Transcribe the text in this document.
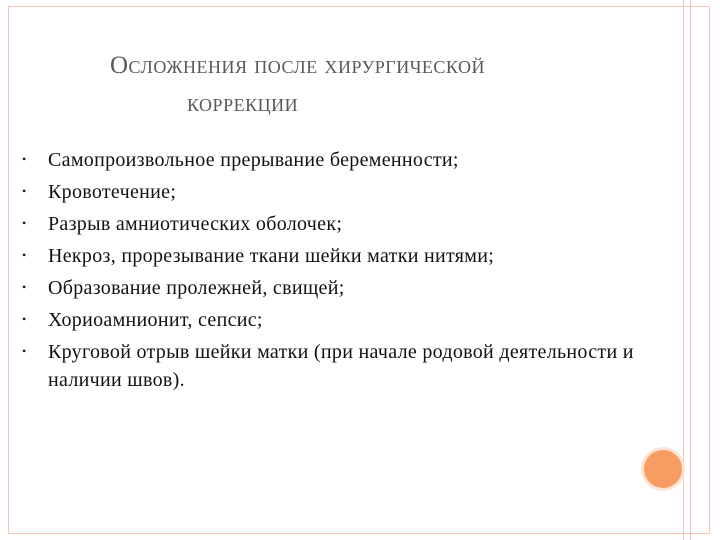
Осложнения после хирургической
коррекции
• Самопроизвольное прерывание беременности;
• Кровотечение;
• Разрыв амниотических оболочек;
• Некроз, прорезывание ткани шейки матки нитями;
• Образование пролежней, свищей;
• Хориоамнионит, сепсис;
• Круговой отрыв шейки матки (при начале родовой деятельности и наличии швов).
